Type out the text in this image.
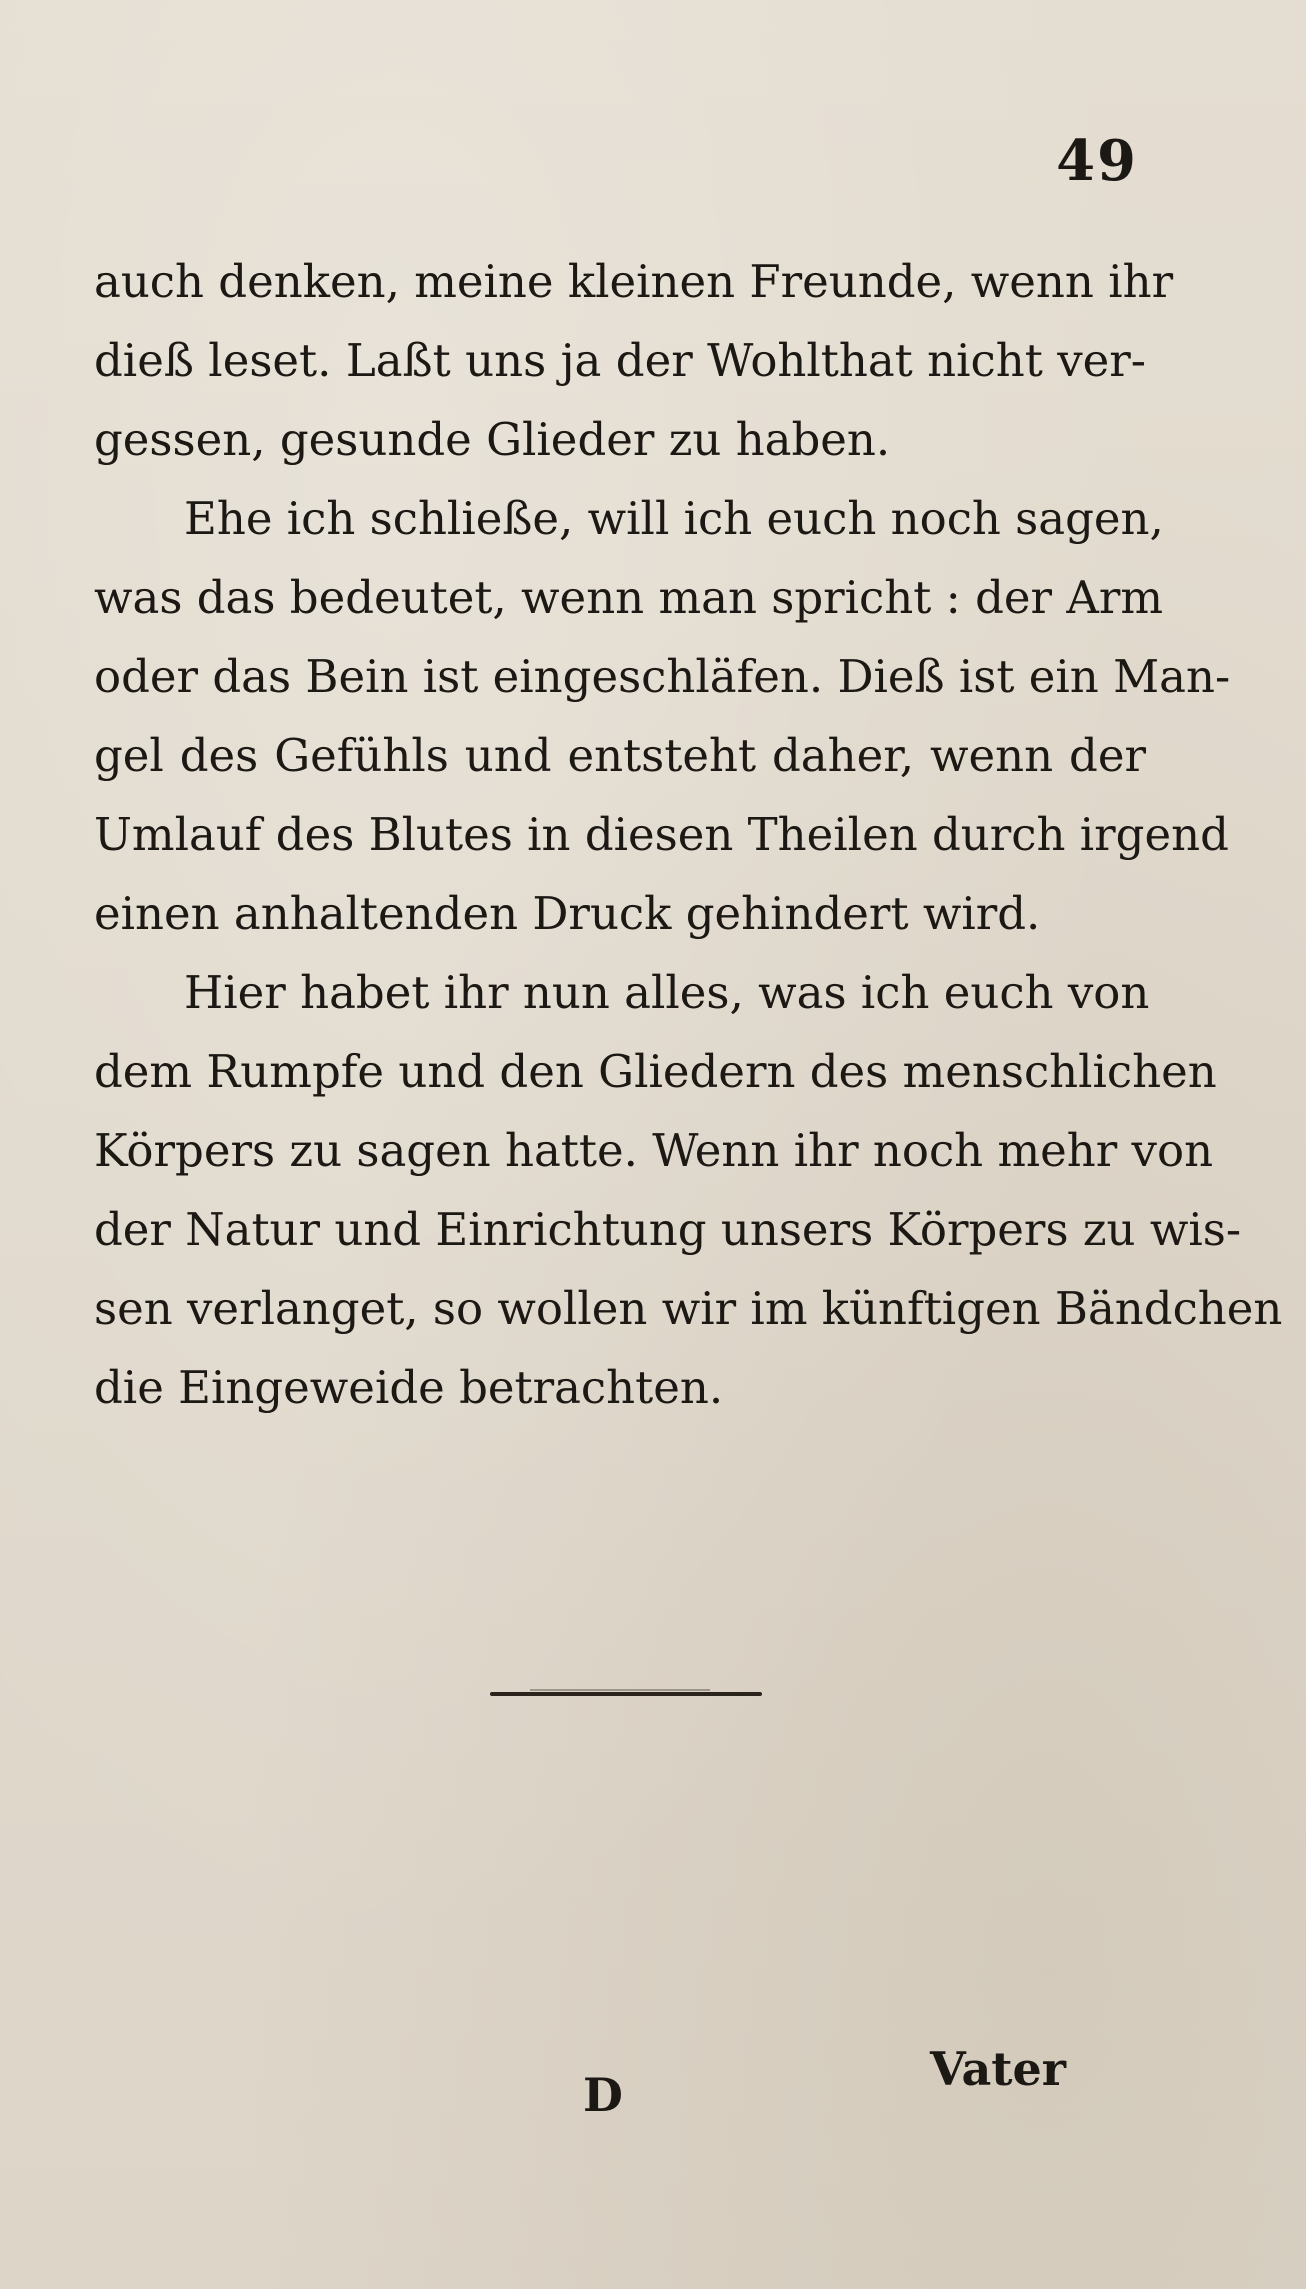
49

auch denken, meine kleinen Freunde, wenn ihr
dieß leset. Laßt uns ja der Wohlthat nicht ver-
gessen, gesunde Glieder zu haben.

Ehe ich schließe, will ich euch noch sagen,
was das bedeutet, wenn man spricht : der Arm
oder das Bein ist eingeschläfen. Dieß ist ein Man-
gel des Gefühls und entsteht daher, wenn der
Umlauf des Blutes in diesen Theilen durch irgend
einen anhaltenden Druck gehindert wird.

Hier habet ihr nun alles, was ich euch von
dem Rumpfe und den Gliedern des menschlichen
Körpers zu sagen hatte. Wenn ihr noch mehr von
der Natur und Einrichtung unsers Körpers zu wis-
sen verlanget, so wollen wir im künftigen Bändchen
die Eingeweide betrachten.

D	Vater
